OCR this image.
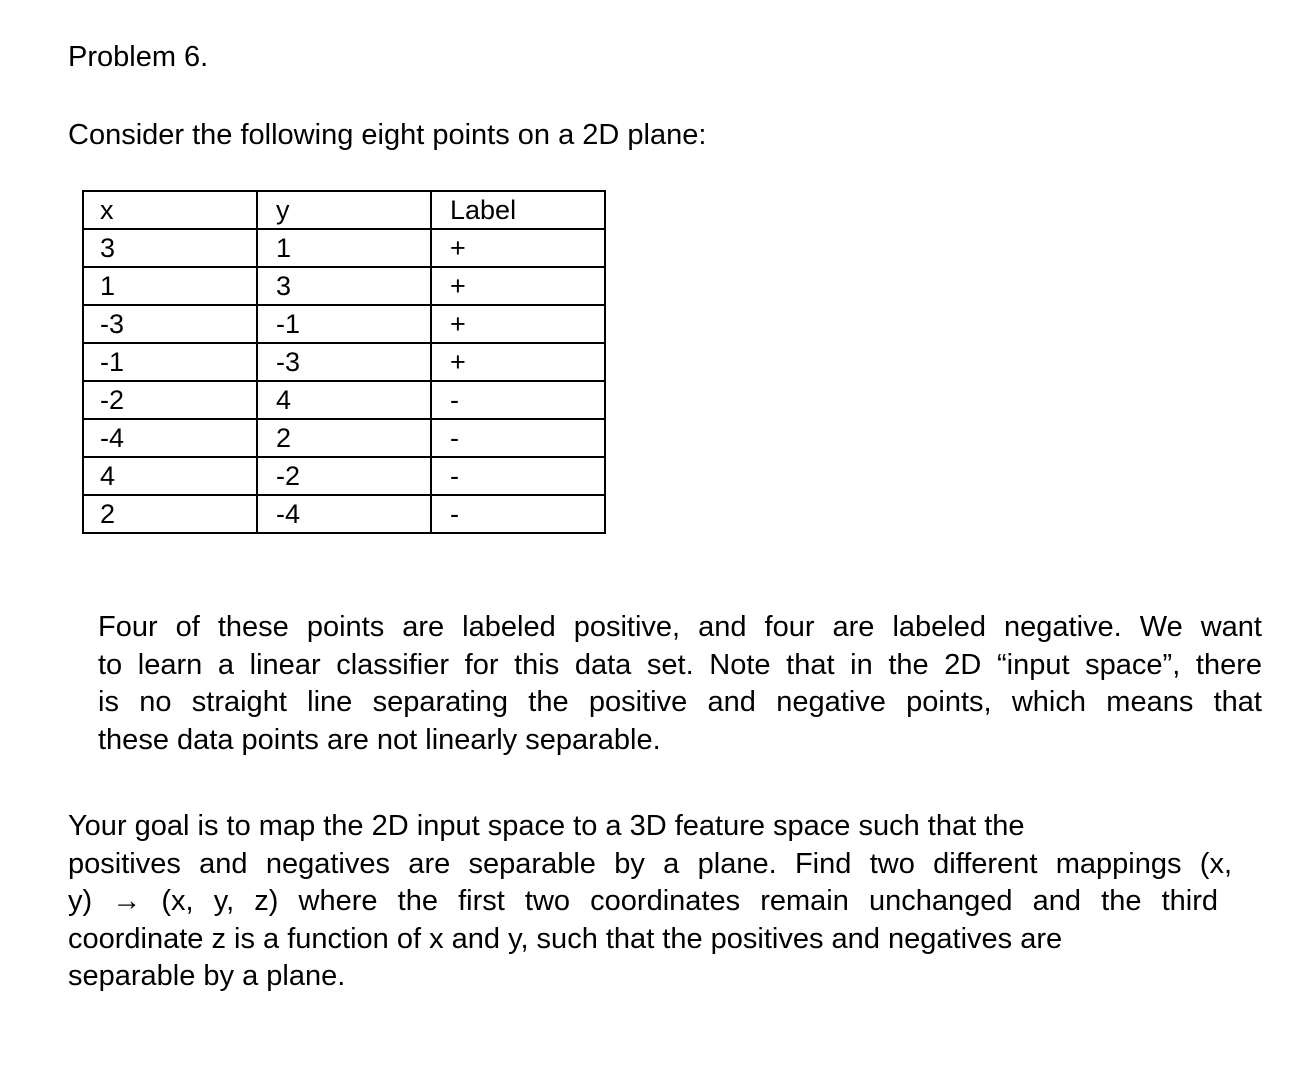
Problem 6.
Consider the following eight points on a 2D plane:
x	y	Label
3	1	+
1	3	+
-3	-1	+
-1	-3	+
-2	4	-
-4	2	-
4	-2	-
2	-4	-
Four of these points are labeled positive, and four are labeled negative. We want
to learn a linear classifier for this data set. Note that in the 2D “input space”, there
is no straight line separating the positive and negative points, which means that
these data points are not linearly separable.
Your goal is to map the 2D input space to a 3D feature space such that the
positives and negatives are separable by a plane. Find two different mappings (x,
y) → (x, y, z) where the first two coordinates remain unchanged and the third
coordinate z is a function of x and y, such that the positives and negatives are
separable by a plane.
